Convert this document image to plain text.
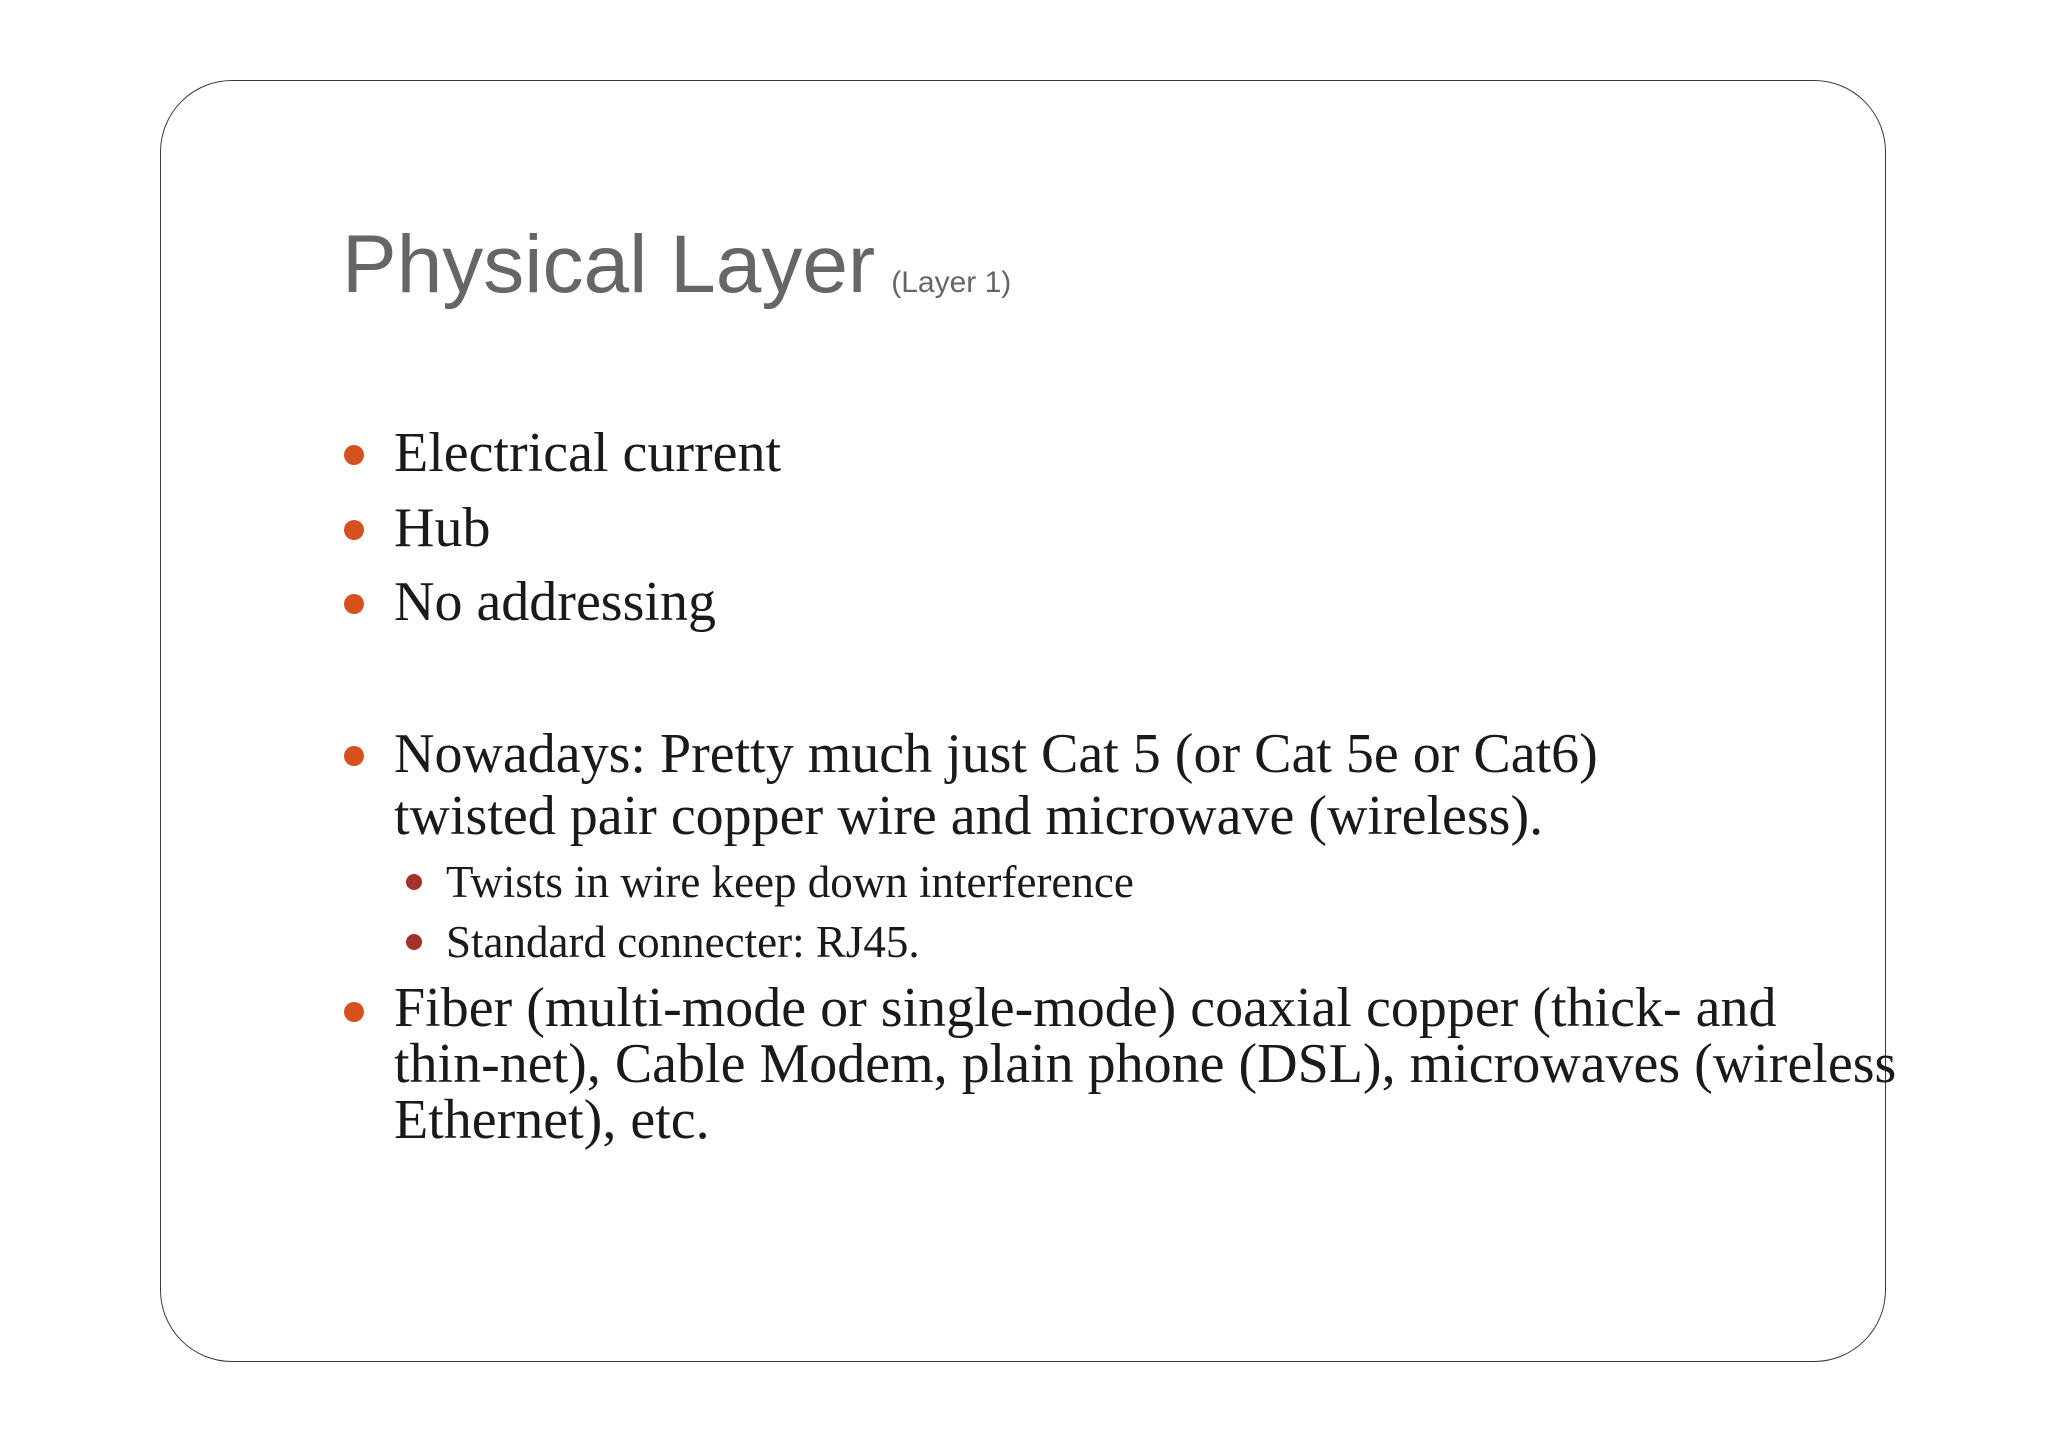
Physical Layer (Layer 1)
Electrical current
Hub
No addressing
Nowadays: Pretty much just Cat 5 (or Cat 5e or Cat6)
twisted pair copper wire and microwave (wireless).
Twists in wire keep down interference
Standard connecter: RJ45.
Fiber (multi-mode or single-mode) coaxial copper (thick- and
thin-net), Cable Modem, plain phone (DSL), microwaves (wireless
Ethernet), etc.
